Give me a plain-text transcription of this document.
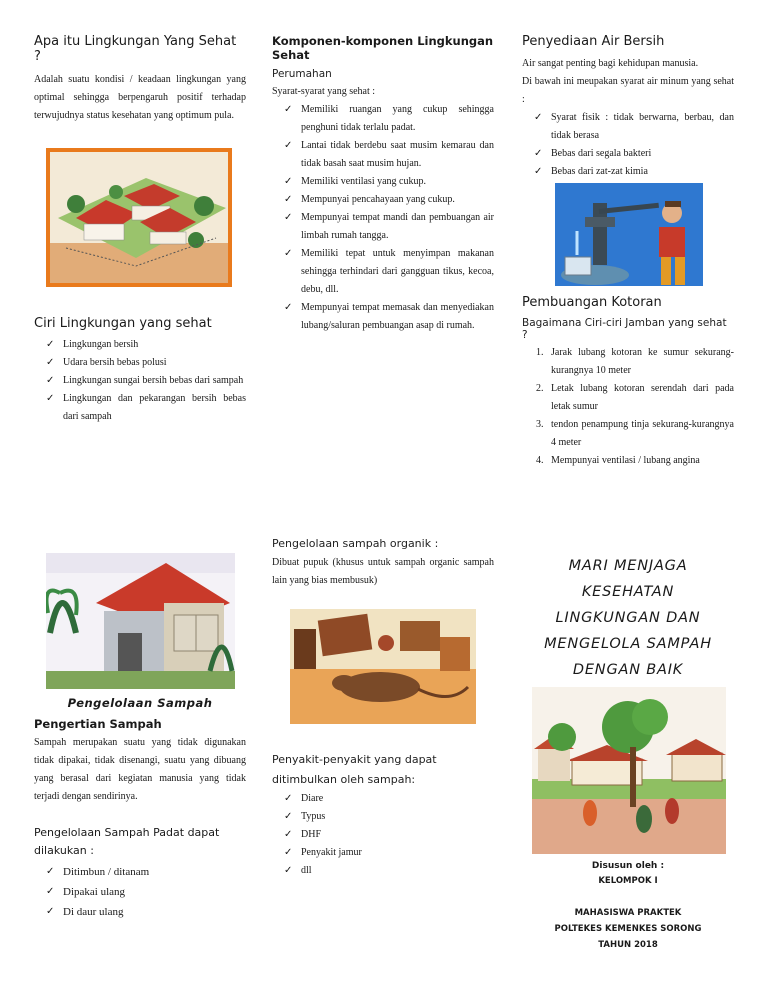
Apa itu Lingkungan Yang Sehat ?
Adalah suatu kondisi / keadaan lingkungan yang optimal sehingga berpengaruh positif terhadap terwujudnya status kesehatan yang optimum pula.
Ciri Lingkungan yang sehat
✓ Lingkungan bersih
✓ Udara bersih bebas polusi
✓ Lingkungan sungai bersih bebas dari sampah
✓ Lingkungan dan pekarangan bersih bebas dari sampah
Komponen-komponen Lingkungan Sehat
Perumahan
Syarat-syarat yang sehat :
✓ Memiliki ruangan yang cukup sehingga penghuni tidak terlalu padat.
✓ Lantai tidak berdebu saat musim kemarau dan tidak basah saat musim hujan.
✓ Memiliki ventilasi yang cukup.
✓ Mempunyai pencahayaan yang cukup.
✓ Mempunyai tempat mandi dan pembuangan air limbah rumah tangga.
✓ Memiliki tepat untuk menyimpan makanan sehingga terhindari dari gangguan tikus, kecoa, debu, dll.
✓ Mempunyai tempat memasak dan menyediakan lubang/saluran pembuangan asap di rumah.
Penyediaan Air Bersih
Air sangat penting bagi kehidupan manusia.
Di bawah ini meupakan syarat air minum yang sehat :
✓ Syarat fisik : tidak berwarna, berbau, dan tidak berasa
✓ Bebas dari segala bakteri
✓ Bebas dari zat-zat kimia
Pembuangan Kotoran
Bagaimana Ciri-ciri Jamban yang sehat ?
1. Jarak lubang kotoran ke sumur sekurang-kurangnya 10 meter
2. Letak lubang kotoran serendah dari pada letak sumur
3. tendon penampung tinja sekurang-kurangnya 4 meter
4. Mempunyai ventilasi / lubang angina
Pengelolaan Sampah
Pengertian Sampah
Sampah merupakan suatu yang tidak digunakan tidak dipakai, tidak disenangi, suatu yang dibuang yang berasal dari kegiatan manusia yang tidak terjadi dengan sendirinya.
Pengelolaan Sampah Padat dapat
dilakukan :
✓ Ditimbun / ditanam
✓ Dipakai ulang
✓ Di daur ulang
Pengelolaan sampah organik :
Dibuat pupuk (khusus untuk sampah organic sampah lain yang bias membusuk)
Penyakit-penyakit yang dapat ditimbulkan oleh sampah:
✓ Diare
✓ Typus
✓ DHF
✓ Penyakit jamur
✓ dll
MARI MENJAGA
KESEHATAN
LINGKUNGAN DAN
MENGELOLA SAMPAH
DENGAN BAIK
Disusun oleh :
KELOMPOK I
MAHASISWA PRAKTEK
POLTEKES KEMENKES SORONG
TAHUN 2018
